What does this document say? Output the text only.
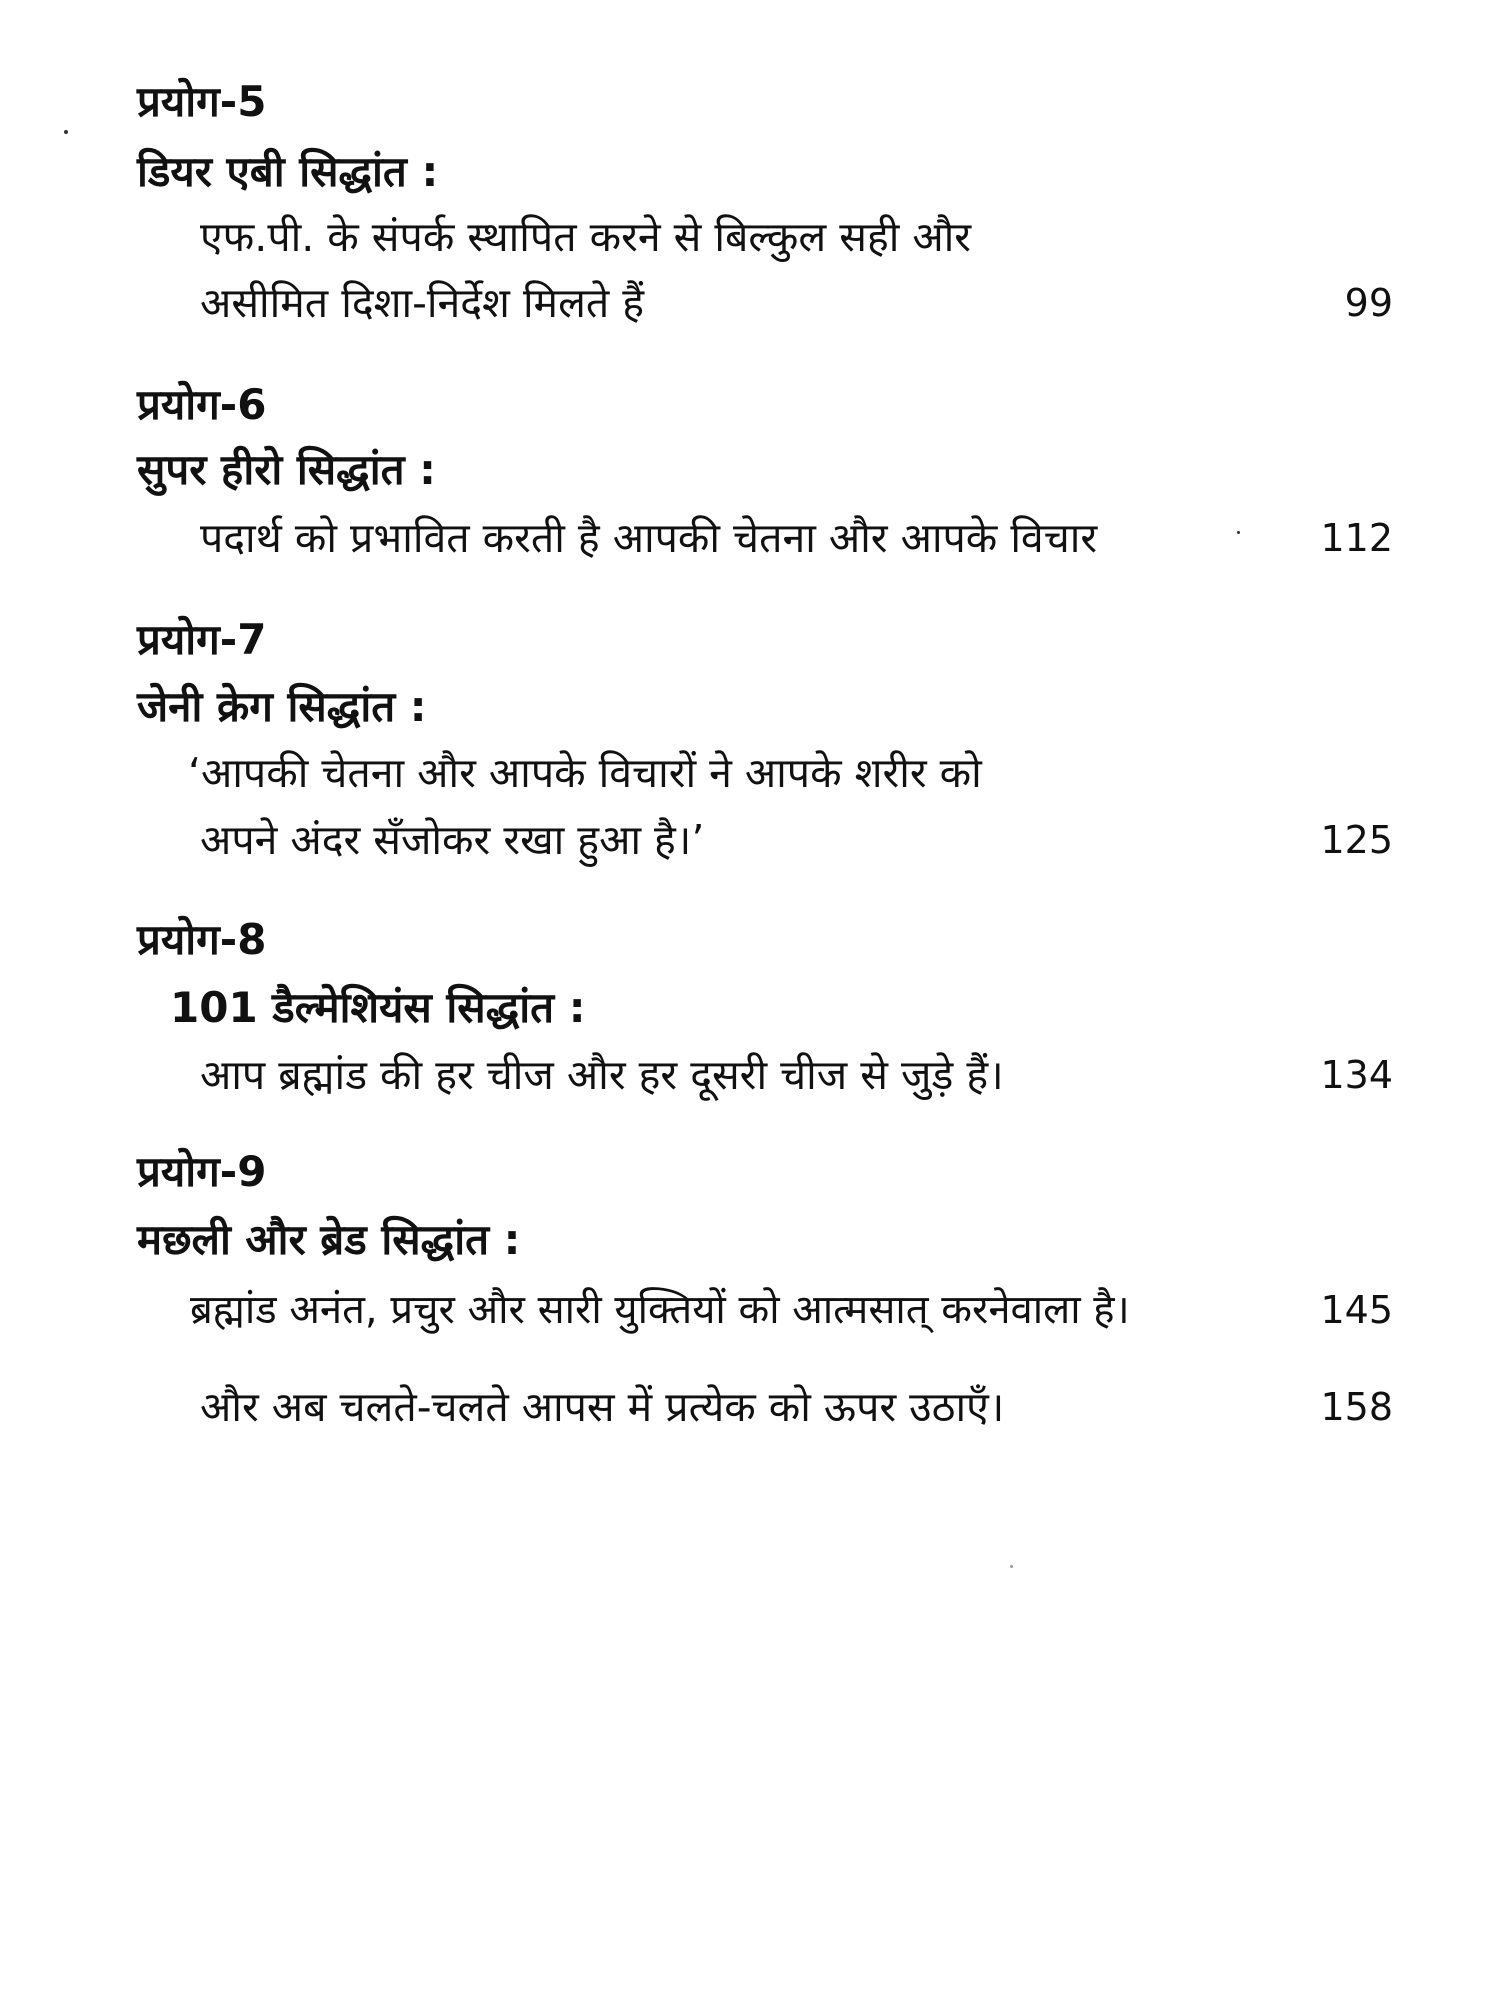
प्रयोग-5
डियर एबी सिद्धांत :
एफ.पी. के संपर्क स्थापित करने से बिल्कुल सही और
असीमित दिशा-निर्देश मिलते हैं	99
प्रयोग-6
सुपर हीरो सिद्धांत :
पदार्थ को प्रभावित करती है आपकी चेतना और आपके विचार	112
प्रयोग-7
जेनी क्रेग सिद्धांत :
‘आपकी चेतना और आपके विचारों ने आपके शरीर को
अपने अंदर सँजोकर रखा हुआ है।’	125
प्रयोग-8
101 डैल्मेशियंस सिद्धांत :
आप ब्रह्मांड की हर चीज और हर दूसरी चीज से जुड़े हैं।	134
प्रयोग-9
मछली और ब्रेड सिद्धांत :
ब्रह्मांड अनंत, प्रचुर और सारी युक्तियों को आत्मसात् करनेवाला है।	145
और अब चलते-चलते आपस में प्रत्येक को ऊपर उठाएँ।	158
